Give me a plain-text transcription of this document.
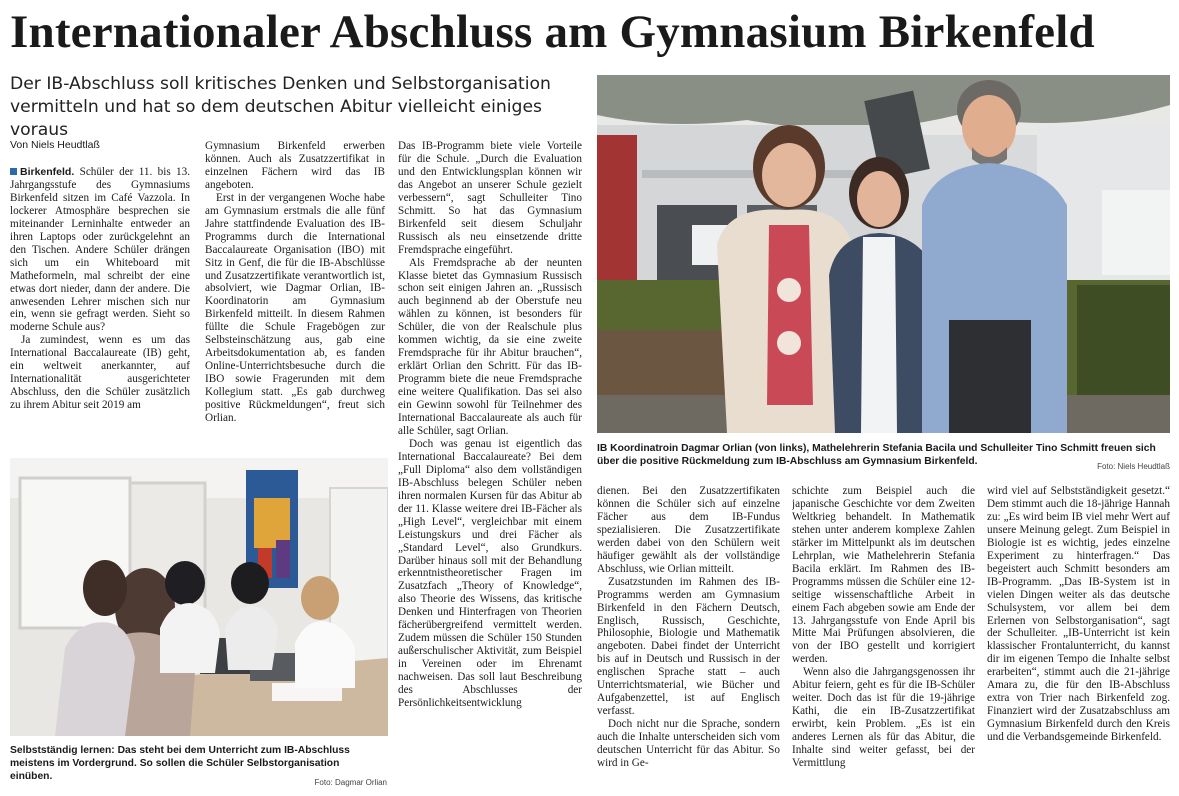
Internationaler Abschluss am Gymnasium Birkenfeld
Der IB-Abschluss soll kritisches Denken und Selbstorganisation vermitteln und hat so dem deutschen Abitur vielleicht einiges voraus
Von Niels Heudtlaß

Birkenfeld. Schüler der 11. bis 13. Jahrgangsstufe des Gymnasiums Birkenfeld sitzen im Café Vazzola. In lockerer Atmosphäre besprechen sie miteinander Lerninhalte entweder an ihren Laptops oder zurückgelehnt an den Tischen. Andere Schüler drängen sich um ein Whiteboard mit Matheformeln, mal schreibt der eine etwas dort nieder, dann der andere. Die anwesenden Lehrer mischen sich nur ein, wenn sie gefragt werden. Sieht so moderne Schule aus?

Ja zumindest, wenn es um das International Baccalaureate (IB) geht, ein weltweit anerkannter, auf Internationalität ausgerichteter Abschluss, den die Schüler zusätzlich zu ihrem Abitur seit 2019 am

Gymnasium Birkenfeld erwerben können. Auch als Zusatzzertifikat in einzelnen Fächern wird das IB angeboten.

Erst in der vergangenen Woche habe am Gymnasium erstmals die alle fünf Jahre stattfindende Evaluation des IB-Programms durch die International Baccalaureate Organisation (IBO) mit Sitz in Genf, die für die IB-Abschlüsse und Zusatzzertifikate verantwortlich ist, absolviert, wie Dagmar Orlian, IB-Koordinatorin am Gymnasium Birkenfeld mitteilt. In diesem Rahmen füllte die Schule Fragebögen zur Selbsteinschätzung aus, gab eine Arbeitsdokumentation ab, es fanden Online-Unterrichtsbesuche durch die IBO sowie Fragerunden mit dem Kollegium statt. „Es gab durchweg positive Rückmeldungen“, freut sich Orlian.

Das IB-Programm biete viele Vorteile für die Schule. „Durch die Evaluation und den Entwicklungsplan können wir das Angebot an unserer Schule gezielt verbessern“, sagt Schulleiter Tino Schmitt. So hat das Gymnasium Birkenfeld seit diesem Schuljahr Russisch als neu einsetzende dritte Fremdsprache eingeführt.

Als Fremdsprache ab der neunten Klasse bietet das Gymnasium Russisch schon seit einigen Jahren an. „Russisch auch beginnend ab der Oberstufe neu wählen zu können, ist besonders für Schüler, die von der Realschule plus kommen wichtig, da sie eine zweite Fremdsprache für ihr Abitur brauchen“, erklärt Orlian den Schritt. Für das IB-Programm biete die neue Fremdsprache eine weitere Qualifikation. Das sei also ein Gewinn sowohl für Teilnehmer des International Baccalaureate als auch für alle Schüler, sagt Orlian.

Doch was genau ist eigentlich das International Baccalaureate? Bei dem „Full Diploma“ also dem vollständigen IB-Abschluss belegen Schüler neben ihren normalen Kursen für das Abitur ab der 11. Klasse weitere drei IB-Fächer als „High Level“, vergleichbar mit einem Leistungskurs und drei Fächer als „Standard Level“, also Grundkurs. Darüber hinaus soll mit der Behandlung erkenntnistheoretischer Fragen im Zusatzfach „Theory of Knowledge“, also Theorie des Wissens, das kritische Denken und Hinterfragen von Theorien fächerübergreifend vermittelt werden. Zudem müssen die Schüler 150 Stunden außerschulischer Aktivität, zum Beispiel in Vereinen oder im Ehrenamt nachweisen. Das soll laut Beschreibung des Abschlusses der Persönlichkeitsentwicklung

dienen. Bei den Zusatzzertifikaten können die Schüler sich auf einzelne Fächer aus dem IB-Fundus spezialisieren. Die Zusatzzertifikate werden dabei von den Schülern weit häufiger gewählt als der vollständige Abschluss, wie Orlian mitteilt.

Zusatzstunden im Rahmen des IB-Programms werden am Gymnasium Birkenfeld in den Fächern Deutsch, Englisch, Russisch, Geschichte, Philosophie, Biologie und Mathematik angeboten. Dabei findet der Unterricht bis auf in Deutsch und Russisch in der englischen Sprache statt – auch Unterrichtsmaterial, wie Bücher und Aufgabenzettel, ist auf Englisch verfasst.

Doch nicht nur die Sprache, sondern auch die Inhalte unterscheiden sich vom deutschen Unterricht für das Abitur. So wird in Ge-

schichte zum Beispiel auch die japanische Geschichte vor dem Zweiten Weltkrieg behandelt. In Mathematik stehen unter anderem komplexe Zahlen stärker im Mittelpunkt als im deutschen Lehrplan, wie Mathelehrerin Stefania Bacila erklärt. Im Rahmen des IB-Programms müssen die Schüler eine 12-seitige wissenschaftliche Arbeit in einem Fach abgeben sowie am Ende der 13. Jahrgangsstufe von Ende April bis Mitte Mai Prüfungen absolvieren, die von der IBO gestellt und korrigiert werden.

Wenn also die Jahrgangsgenossen ihr Abitur feiern, geht es für die IB-Schüler weiter. Doch das ist für die 19-jährige Kathi, die ein IB-Zusatzzertifikat erwirbt, kein Problem. „Es ist ein anderes Lernen als für das Abitur, die Inhalte sind weiter gefasst, bei der Vermittlung

wird viel auf Selbstständigkeit gesetzt.“ Dem stimmt auch die 18-jährige Hannah zu: „Es wird beim IB viel mehr Wert auf unsere Meinung gelegt. Zum Beispiel in Biologie ist es wichtig, jedes einzelne Experiment zu hinterfragen.“ Das begeistert auch Schmitt besonders am IB-Programm. „Das IB-System ist in vielen Dingen weiter als das deutsche Schulsystem, vor allem bei dem Erlernen von Selbstorganisation“, sagt der Schulleiter. „IB-Unterricht ist kein klassischer Frontalunterricht, du kannst dir im eigenen Tempo die Inhalte selbst erarbeiten“, stimmt auch die 21-jährige Amara zu, die für den IB-Abschluss extra von Trier nach Birkenfeld zog. Finanziert wird der Zusatzabschluss am Gymnasium Birkenfeld durch den Kreis und die Verbandsgemeinde Birkenfeld.

IB Koordinatroin Dagmar Orlian (von links), Mathelehrerin Stefania Bacila und Schulleiter Tino Schmitt freuen sich über die positive Rückmeldung zum IB-Abschluss am Gymnasium Birkenfeld.	Foto: Niels Heudtlaß
Selbstständig lernen: Das steht bei dem Unterricht zum IB-Abschluss meistens im Vordergrund. So sollen die Schüler Selbstorganisation einüben.
Foto: Dagmar Orlian
